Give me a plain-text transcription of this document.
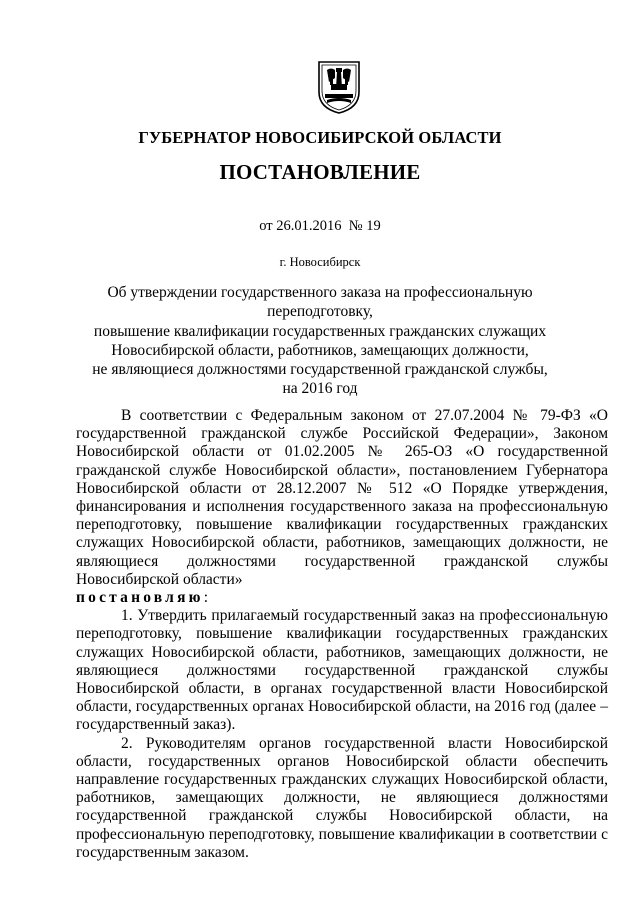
ГУБЕРНАТОР НОВОСИБИРСКОЙ ОБЛАСТИ
ПОСТАНОВЛЕНИЕ
от 26.01.2016  № 19
г. Новосибирск
Об утверждении государственного заказа на профессиональную переподготовку,
повышение квалификации государственных гражданских служащих
Новосибирской области, работников, замещающих должности,
не являющиеся должностями государственной гражданской службы,
на 2016 год

В соответствии с Федеральным законом от 27.07.2004 № 79-ФЗ «О государственной гражданской службе Российской Федерации», Законом Новосибирской области от 01.02.2005 № 265-ОЗ «О государственной гражданской службе Новосибирской области», постановлением Губернатора Новосибирской области от 28.12.2007 № 512 «О Порядке утверждения, финансирования и исполнения государственного заказа на профессиональную переподготовку, повышение квалификации государственных гражданских служащих Новосибирской области, работников, замещающих должности, не являющиеся должностями государственной гражданской службы Новосибирской области»

постановляю:

1. Утвердить прилагаемый государственный заказ на профессиональную переподготовку, повышение квалификации государственных гражданских служащих Новосибирской области, работников, замещающих должности, не являющиеся должностями государственной гражданской службы Новосибирской области, в органах государственной власти Новосибирской области, государственных органах Новосибирской области, на 2016 год (далее – государственный заказ).

2. Руководителям органов государственной власти Новосибирской области, государственных органов Новосибирской области обеспечить направление государственных гражданских служащих Новосибирской области, работников, замещающих должности, не являющиеся должностями государственной гражданской службы Новосибирской области, на профессиональную переподготовку, повышение квалификации в соответствии с государственным заказом.
